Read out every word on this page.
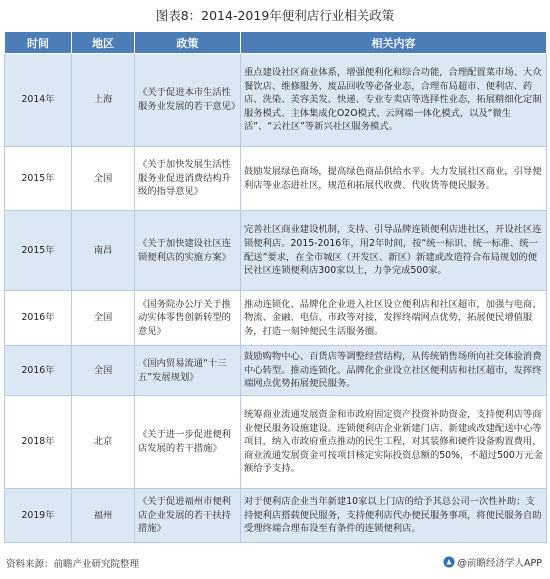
图表8：2014-2019年便利店行业相关政策
时间	地区	政策	相关内容
2014年	上海	《关于促进本市生活性服务业发展的若干意见》	重点建设社区商业体系，增强便利化和综合功能，合理配置菜市场、大众餐饮店、维修服务、废品回收等必备业态，合理布局超市、便利店、药店、洗染、美容美发、快递、专业专卖店等选择性业态，拓展精细化定制服务模式、主体集成化O2O模式、云网端一体化模式，以及“微生活”、“云社区”等新兴社区服务模式。
2015年	全国	《关于加快发展生活性服务业促进消费结构升级的指导意见》	鼓励发展绿色商场，提高绿色商品供给水平。大力发展社区商业，引导便利店等业态进社区，规范和拓展代收费、代收货等便民服务。
2015年	南昌	《关于加快建设社区连锁便利店的实施方案》	完善社区商业建设机制，支持、引导品牌连锁便利店进社区，开设社区连锁便利店。2015-2016年，用2年时间，按“统一标识、统一标准、统一配送”要求，在全市城区（开发区、新区）新建或改造符合布局规划的便民社区连锁便利店300家以上，力争完成500家。
2016年	全国	《国务院办公厅关于推动实体零售创新转型的意见》	推动连锁化、品牌化企业进入社区设立便利店和社区超市，加强与电商、物流、金融、电信、市政等对接，发挥终端网点优势，拓展便民增值服务，打造一刻钟便民生活服务圈。
2016年	全国	《国内贸易流通“十三五”发展规划》	鼓励购物中心、百货店等调整经营结构，从传统销售场所向社交体验消费中心转型。推动连锁化、品牌化企业设立社区便利店和社区超市，发挥终端网点优势拓展便民服务。
2018年	北京	《关于进一步促进便利店发展的若干措施》	统筹商业流通发展资金和市政府固定资产投资补助资金，支持便利店等商业便民服务设施建设。连锁便利店企业新建门店、新建或改建配送中心等项目，纳入市政府重点推动的民生工程，对其装修和硬件设备购置费用，商业流通发展资金可按项目核定实际投资总额的50%，不超过500万元金额给予支持。
2019年	福州	《关于促进福州市便利店企业发展的若干扶持措施》	对于便利店企业当年新建10家以上门店的给予其总公司一次性补助；支持便利店搭载便民服务，支持便利店代办便民服务事项，将便民服务自助受理终端合理布设至有条件的连锁便利店。
资料来源：前瞻产业研究院整理	@前瞻经济学人APP
